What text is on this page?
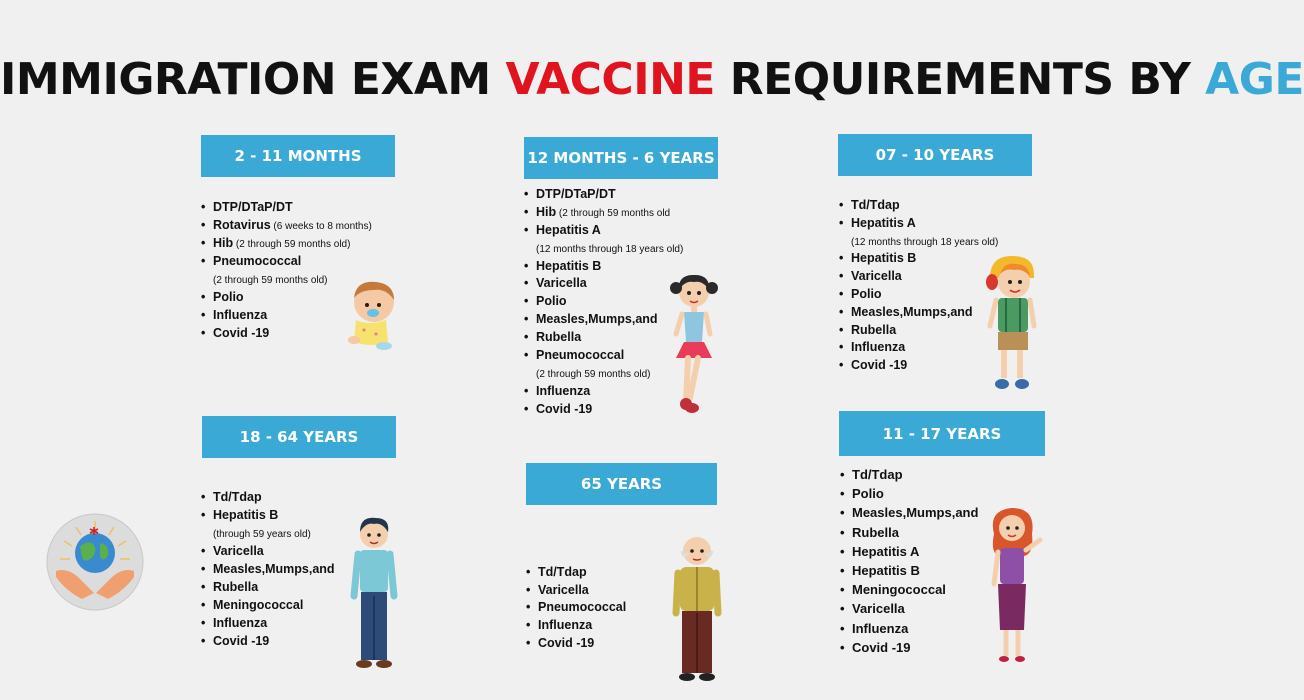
IMMIGRATION EXAM VACCINE REQUIREMENTS BY AGE
2 - 11 MONTHS	12 MONTHS - 6 YEARS	07 - 10 YEARS
18 - 64 YEARS
65 YEARS
11 - 17 YEARS
• DTP/DTaP/DT
• Rotavirus (6 weeks to 8 months)
• Hib (2 through 59 months old)
• Pneumococcal
(2 through 59 months old)
• Polio
• Influenza
• Covid -19
• DTP/DTaP/DT
• Hib (2 through 59 months old
• Hepatitis A
(12 months through 18 years old)
• Hepatitis B
• Varicella
• Polio
• Measles,Mumps,and
• Rubella
• Pneumococcal
(2 through 59 months old)
• Influenza
• Covid -19
• Td/Tdap
• Hepatitis A
(12 months through 18 years old)
• Hepatitis B
• Varicella
• Polio
• Measles,Mumps,and
• Rubella
• Influenza
• Covid -19
• Td/Tdap
• Hepatitis B
(through 59 years old)
• Varicella
• Measles,Mumps,and
• Rubella
• Meningococcal
• Influenza
• Covid -19
• Td/Tdap
• Varicella
• Pneumococcal
• Influenza
• Covid -19
• Td/Tdap
• Polio
• Measles,Mumps,and
• Rubella
• Hepatitis A
• Hepatitis B
• Meningococcal
• Varicella
• Influenza
• Covid -19
